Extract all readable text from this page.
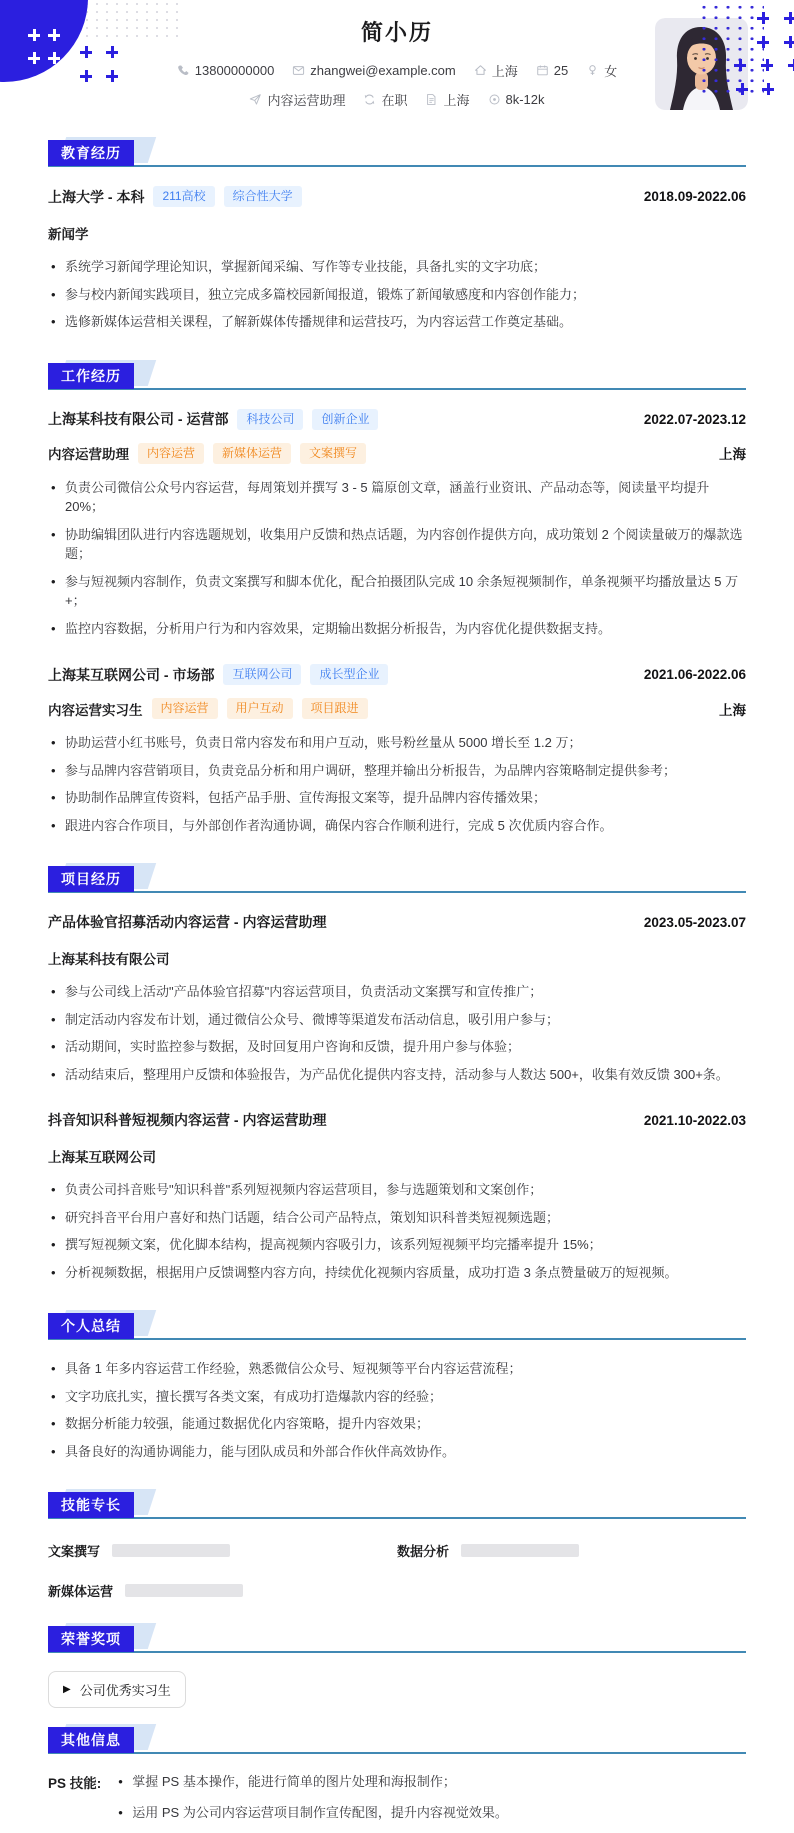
简小历
13800000000	zhangwei@example.com	上海	25	女
内容运营助理	在职	上海	8k-12k
教育经历
上海大学 - 本科	211高校	综合性大学	2018.09-2022.06
新闻学
• 系统学习新闻学理论知识，掌握新闻采编、写作等专业技能，具备扎实的文字功底；
• 参与校内新闻实践项目，独立完成多篇校园新闻报道，锻炼了新闻敏感度和内容创作能力；
• 选修新媒体运营相关课程，了解新媒体传播规律和运营技巧，为内容运营工作奠定基础。
工作经历
上海某科技有限公司 - 运营部	科技公司	创新企业	2022.07-2023.12
内容运营助理	内容运营	新媒体运营	文案撰写	上海
• 负责公司微信公众号内容运营，每周策划并撰写 3 - 5 篇原创文章，涵盖行业资讯、产品动态等，阅读量平均提升 20%；
• 协助编辑团队进行内容选题规划，收集用户反馈和热点话题，为内容创作提供方向，成功策划 2 个阅读量破万的爆款选题；
• 参与短视频内容制作，负责文案撰写和脚本优化，配合拍摄团队完成 10 余条短视频制作，单条视频平均播放量达 5 万+；
• 监控内容数据，分析用户行为和内容效果，定期输出数据分析报告，为内容优化提供数据支持。
上海某互联网公司 - 市场部	互联网公司	成长型企业	2021.06-2022.06
内容运营实习生	内容运营	用户互动	项目跟进	上海
• 协助运营小红书账号，负责日常内容发布和用户互动，账号粉丝量从 5000 增长至 1.2 万；
• 参与品牌内容营销项目，负责竞品分析和用户调研，整理并输出分析报告，为品牌内容策略制定提供参考；
• 协助制作品牌宣传资料，包括产品手册、宣传海报文案等，提升品牌内容传播效果；
• 跟进内容合作项目，与外部创作者沟通协调，确保内容合作顺利进行，完成 5 次优质内容合作。
项目经历
产品体验官招募活动内容运营 - 内容运营助理	2023.05-2023.07
上海某科技有限公司
• 参与公司线上活动"产品体验官招募"内容运营项目，负责活动文案撰写和宣传推广；
• 制定活动内容发布计划，通过微信公众号、微博等渠道发布活动信息，吸引用户参与；
• 活动期间，实时监控参与数据，及时回复用户咨询和反馈，提升用户参与体验；
• 活动结束后，整理用户反馈和体验报告，为产品优化提供内容支持，活动参与人数达 500+，收集有效反馈 300+条。
抖音知识科普短视频内容运营 - 内容运营助理	2021.10-2022.03
上海某互联网公司
• 负责公司抖音账号"知识科普"系列短视频内容运营项目，参与选题策划和文案创作；
• 研究抖音平台用户喜好和热门话题，结合公司产品特点，策划知识科普类短视频选题；
• 撰写短视频文案，优化脚本结构，提高视频内容吸引力，该系列短视频平均完播率提升 15%；
• 分析视频数据，根据用户反馈调整内容方向，持续优化视频内容质量，成功打造 3 条点赞量破万的短视频。
个人总结
• 具备 1 年多内容运营工作经验，熟悉微信公众号、短视频等平台内容运营流程；
• 文字功底扎实，擅长撰写各类文案，有成功打造爆款内容的经验；
• 数据分析能力较强，能通过数据优化内容策略，提升内容效果；
• 具备良好的沟通协调能力，能与团队成员和外部合作伙伴高效协作。
技能专长
文案撰写	数据分析
新媒体运营
荣誉奖项
▶ 公司优秀实习生
其他信息
PS 技能:	• 掌握 PS 基本操作，能进行简单的图片处理和海报制作；
• 运用 PS 为公司内容运营项目制作宣传配图，提升内容视觉效果。
